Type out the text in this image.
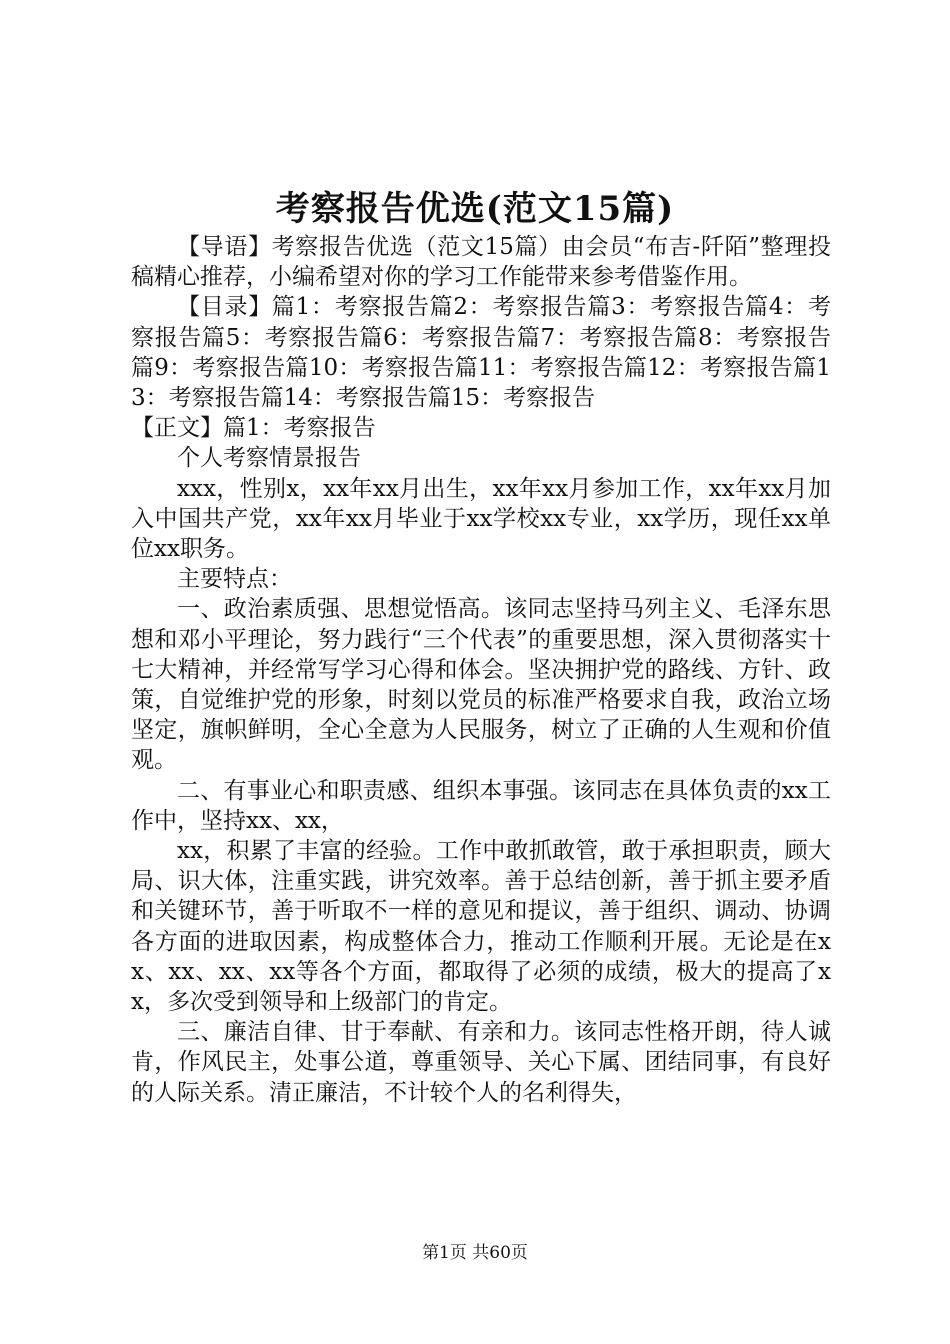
考察报告优选(范文15篇)

【导语】考察报告优选（范文15篇）由会员“布吉-阡陌”整理投稿精心推荐，小编希望对你的学习工作能带来参考借鉴作用。

【目录】篇1：考察报告篇2：考察报告篇3：考察报告篇4：考察报告篇5：考察报告篇6：考察报告篇7：考察报告篇8：考察报告篇9：考察报告篇10：考察报告篇11：考察报告篇12：考察报告篇13：考察报告篇14：考察报告篇15：考察报告

【正文】篇1：考察报告

个人考察情景报告

xxx，性别x，xx年xx月出生，xx年xx月参加工作，xx年xx月加入中国共产党，xx年xx月毕业于xx学校xx专业，xx学历，现任xx单位xx职务。

主要特点：

一、政治素质强、思想觉悟高。该同志坚持马列主义、毛泽东思想和邓小平理论，努力践行“三个代表”的重要思想，深入贯彻落实十七大精神，并经常写学习心得和体会。坚决拥护党的路线、方针、政策，自觉维护党的形象，时刻以党员的标准严格要求自我，政治立场坚定，旗帜鲜明，全心全意为人民服务，树立了正确的人生观和价值观。

二、有事业心和职责感、组织本事强。该同志在具体负责的xx工作中，坚持xx、xx，

xx，积累了丰富的经验。工作中敢抓敢管，敢于承担职责，顾大局、识大体，注重实践，讲究效率。善于总结创新，善于抓主要矛盾和关键环节，善于听取不一样的意见和提议，善于组织、调动、协调各方面的进取因素，构成整体合力，推动工作顺利开展。无论是在xx、xx、xx、xx等各个方面，都取得了必须的成绩，极大的提高了xx，多次受到领导和上级部门的肯定。

三、廉洁自律、甘于奉献、有亲和力。该同志性格开朗，待人诚肯，作风民主，处事公道，尊重领导、关心下属、团结同事，有良好的人际关系。清正廉洁，不计较个人的名利得失，

第1页 共60页
